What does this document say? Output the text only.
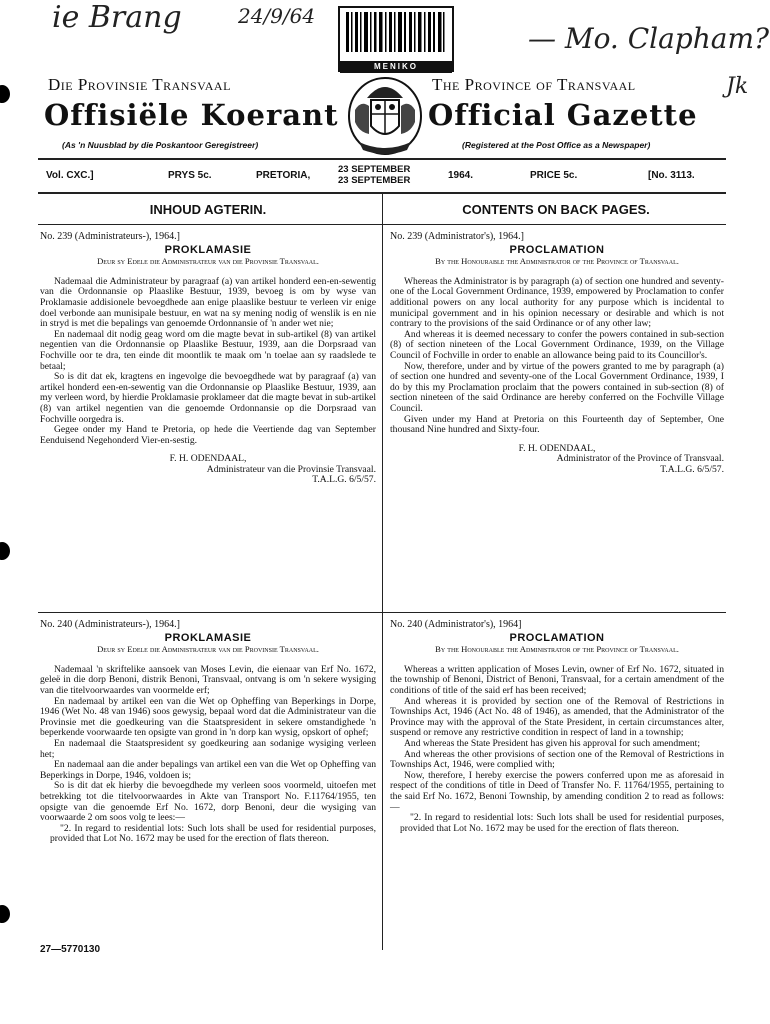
ie Brang	24/9/64
— Mo. Clapham?
Jk
MENIKO
Die Provinsie Transvaal	The Province of Transvaal
Offisiële Koerant	Official Gazette
(As 'n Nuusblad by die Poskantoor Geregistreer)	(Registered at the Post Office as a Newspaper)
Vol. CXC.]	PRYS 5c.	PRETORIA,
23 SEPTEMBER
23 SEPTEMBER	1964.	PRICE 5c.	[No. 3113.
INHOUD AGTERIN.	CONTENTS ON BACK PAGES.

No. 239 (Administrateurs-), 1964.]

PROKLAMASIE

Deur sy Edele die Administrateur van die Provinsie Transvaal.

Nademaal die Administrateur by paragraaf (a) van artikel honderd een-en-sewentig van die Ordonnansie op Plaaslike Bestuur, 1939, bevoeg is om by wyse van Proklamasie addisionele bevoegdhede aan enige plaaslike bestuur te verleen vir enige doel verbonde aan munisipale bestuur, en wat na sy mening nodig of wenslik is en nie in stryd is met die bepalings van genoemde Ordonnansie of 'n ander wet nie;

En nademaal dit nodig geag word om die magte bevat in sub-artikel (8) van artikel negentien van die Ordonnansie op Plaaslike Bestuur, 1939, aan die Dorpsraad van Fochville oor te dra, ten einde dit moontlik te maak om 'n toelae aan sy raadslede te betaal;

So is dit dat ek, kragtens en ingevolge die bevoegdhede wat by paragraaf (a) van artikel honderd een-en-sewentig van die Ordonnansie op Plaaslike Bestuur, 1939, aan my verleen word, by hierdie Proklamasie proklameer dat die magte bevat in sub-artikel (8) van artikel negentien van die genoemde Ordonnansie op die Dorpsraad van Fochville oorgedra is.

Gegee onder my Hand te Pretoria, op hede die Veertiende dag van September Eenduisend Negehonderd Vier-en-sestig.

F. H. ODENDAAL,

Administrateur van die Provinsie Transvaal.

T.A.L.G. 6/5/57.

No. 239 (Administrator's), 1964.]

PROCLAMATION

By the Honourable the Administrator of the Province of Transvaal.

Whereas the Administrator is by paragraph (a) of section one hundred and seventy-one of the Local Government Ordinance, 1939, empowered by Proclamation to confer additional powers on any local authority for any purpose which is incidental to municipal government and in his opinion necessary or desirable and which is not contrary to the provisions of the said Ordinance or of any other law;

And whereas it is deemed necessary to confer the powers contained in sub-section (8) of section nineteen of the Local Government Ordinance, 1939, on the Village Council of Fochville in order to enable an allowance being paid to its Councillor's.

Now, therefore, under and by virtue of the powers granted to me by paragraph (a) of section one hundred and seventy-one of the Local Government Ordinance, 1939, I do by this my Proclamation proclaim that the powers contained in sub-section (8) of section nineteen of the said Ordinance are hereby conferred on the Fochville Village Council.

Given under my Hand at Pretoria on this Fourteenth day of September, One thousand Nine hundred and Sixty-four.

F. H. ODENDAAL,

Administrator of the Province of Transvaal.

T.A.L.G. 6/5/57.

No. 240 (Administrateurs-), 1964.]

PROKLAMASIE

Deur sy Edele die Administrateur van die Provinsie Transvaal.

Nademaal 'n skriftelike aansoek van Moses Levin, die eienaar van Erf No. 1672, geleë in die dorp Benoni, distrik Benoni, Transvaal, ontvang is om 'n sekere wysiging van die titelvoorwaardes van voormelde erf;

En nademaal by artikel een van die Wet op Opheffing van Beperkings in Dorpe, 1946 (Wet No. 48 van 1946) soos gewysig, bepaal word dat die Administrateur van die Provinsie met die goedkeuring van die Staatspresident in sekere omstandighede 'n beperkende voorwaarde ten opsigte van grond in 'n dorp kan wysig, opskort of ophef;

En nademaal die Staatspresident sy goedkeuring aan sodanige wysiging verleen het;

En nademaal aan die ander bepalings van artikel een van die Wet op Opheffing van Beperkings in Dorpe, 1946, voldoen is;

So is dit dat ek hierby die bevoegdhede my verleen soos voormeld, uitoefen met betrekking tot die titelvoorwaardes in Akte van Transport No. F.11764/1955, ten opsigte van die genoemde Erf No. 1672, dorp Benoni, deur die wysiging van voorwaarde 2 om soos volg te lees:—

"2. In regard to residential lots: Such lots shall be used for residential purposes, provided that Lot No. 1672 may be used for the erection of flats thereon.

No. 240 (Administrator's), 1964]

PROCLAMATION

By the Honourable the Administrator of the Province of Transvaal.

Whereas a written application of Moses Levin, owner of Erf No. 1672, situated in the township of Benoni, District of Benoni, Transvaal, for a certain amendment of the conditions of title of the said erf has been received;

And whereas it is provided by section one of the Removal of Restrictions in Townships Act, 1946 (Act No. 48 of 1946), as amended, that the Administrator of the Province may with the approval of the State President, in certain circumstances alter, suspend or remove any restrictive condition in respect of land in a township;

And whereas the State President has given his approval for such amendment;

And whereas the other provisions of section one of the Removal of Restrictions in Townships Act, 1946, were complied with;

Now, therefore, I hereby exercise the powers conferred upon me as aforesaid in respect of the conditions of title in Deed of Transfer No. F. 11764/1955, pertaining to the said Erf No. 1672, Benoni Township, by amending condition 2 to read as follows:—

"2. In regard to residential lots: Such lots shall be used for residential purposes, provided that Lot No. 1672 may be used for the erection of flats thereon.

27—5770130
